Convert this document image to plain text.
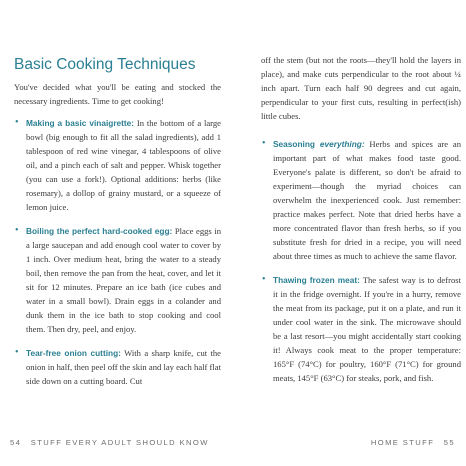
Basic Cooking Techniques

You've decided what you'll be eating and stocked the necessary ingredients. Time to get cooking!

• Making a basic vinaigrette: In the bottom of a large bowl (big enough to fit all the salad ingredients), add 1 tablespoon of red wine vinegar, 4 tablespoons of olive oil, and a pinch each of salt and pepper. Whisk together (you can use a fork!). Optional additions: herbs (like rosemary), a dollop of grainy mustard, or a squeeze of lemon juice.
• Boiling the perfect hard-cooked egg: Place eggs in a large saucepan and add enough cool water to cover by 1 inch. Over medium heat, bring the water to a steady boil, then remove the pan from the heat, cover, and let it sit for 12 minutes. Prepare an ice bath (ice cubes and water in a small bowl). Drain eggs in a colander and dunk them in the ice bath to stop cooking and cool them. Then dry, peel, and enjoy.
• Tear-free onion cutting: With a sharp knife, cut the onion in half, then peel off the skin and lay each half flat side down on a cutting board. Cut
54 STUFF EVERY ADULT SHOULD KNOW

off the stem (but not the roots—they'll hold the layers in place), and make cuts perpendicular to the root about ¼ inch apart. Turn each half 90 degrees and cut again, perpendicular to your first cuts, resulting in perfect(ish) little cubes.

• Seasoning everything: Herbs and spices are an important part of what makes food taste good. Everyone's palate is different, so don't be afraid to experiment—though the myriad choices can overwhelm the inexperienced cook. Just remember: practice makes perfect. Note that dried herbs have a more concentrated flavor than fresh herbs, so if you substitute fresh for dried in a recipe, you will need about three times as much to achieve the same flavor.
• Thawing frozen meat: The safest way is to defrost it in the fridge overnight. If you're in a hurry, remove the meat from its package, put it on a plate, and run it under cool water in the sink. The microwave should be a last resort—you might accidentally start cooking it! Always cook meat to the proper temperature: 165°F (74°C) for poultry, 160°F (71°C) for ground meats, 145°F (63°C) for steaks, pork, and fish.
HOME STUFF 55
